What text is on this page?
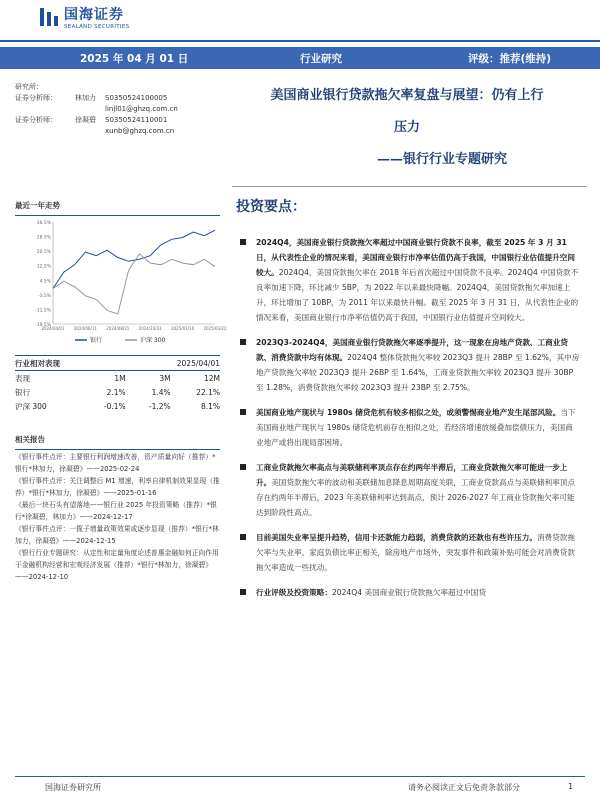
国海证券
SEALAND SECURITIES
2025 年 04 月 01 日	行业研究	评级：推荐(维持)
研究所：
证券分析师：	林加力	S0350524100005
linjl01@ghzq.com.cn
证券分析师：	徐凝碧	S0350524110001
xunb@ghzq.com.cn
最近一年走势
36.5%
28.5%
20.5%
12.5%
4.5%
-3.5%
-11.5%
-19.5%
2024/04/01 2024/06/11 2024/08/21 2024/10/31 2025/01/10 2025/03/22
银行	沪深 300
行业相对表现	2025/04/01
表现	1M	3M	12M
银行	2.1%	1.4%	22.1%
沪深 300	-0.1%	-1.2%	8.1%
相关报告

《银行事件点评：主要银行利润增速改善，资产质量向好（推荐）*银行*林加力，徐凝碧》——2025-02-24

《银行事件点评：关注调整后 M1 增速，利率自律机制效果显现（推荐）*银行*林加力，徐凝碧》——2025-01-16

《最后一块石头有望落地——银行业 2025 年投资策略（推荐）*银行*徐凝碧，林加力》——2024-12-17

《银行事件点评：一揽子增量政策效果或逐步显现（推荐）*银行*林加力，徐凝碧》——2024-12-15

《银行行业专题研究：从定性和定量角度论述普惠金融如何正向作用于金融机构经营和宏观经济发展（推荐）*银行*林加力，徐凝碧》——2024-12-10

美国商业银行贷款拖欠率复盘与展望：仍有上行
压力
——银行行业专题研究
投资要点：
2024Q4，美国商业银行贷款拖欠率超过中国商业银行贷款不良率，截至 2025 年 3 月 31 日，从代表性企业的情况来看，美国商业银行市净率估值仍高于我国，中国银行业估值提升空间较大。2024Q4，美国贷款拖欠率在 2018 年后首次超过中国贷款不良率。2024Q4 中国贷款不良率加速下降，环比减少 5BP，为 2022 年以来最快降幅。2024Q4，美国贷款拖欠率加速上升，环比增加了 10BP，为 2011 年以来最快升幅。截至 2025 年 3 月 31 日，从代表性企业的情况来看，美国商业银行市净率估值仍高于我国，中国银行业估值提升空间较大。
2023Q3-2024Q4，美国商业银行贷款拖欠率逐季提升，这一现象在房地产贷款、工商业贷款、消费贷款中均有体现。2024Q4 整体贷款拖欠率较 2023Q3 提升 28BP 至 1.62%，其中房地产贷款拖欠率较 2023Q3 提升 26BP 至 1.64%，工商业贷款拖欠率较 2023Q3 提升 30BP 至 1.28%，消费贷款拖欠率较 2023Q3 提升 23BP 至 2.75%。
美国商业地产现状与 1980s 储贷危机有较多相似之处，或须警惕商业地产发生尾部风险。当下美国商业地产现状与 1980s 储贷危机前存在相似之处，若经济增速放缓叠加偿债压力，美国商业地产或将出现局部困境。
工商业贷款拖欠率高点与美联储利率顶点存在约两年半滞后，工商业贷款拖欠率可能进一步上升。美国贷款拖欠率的波动和美联储加息降息周期高度关联，工商业贷款高点与美联储利率顶点存在约两年半滞后，2023 年美联储利率达到高点，预计 2026-2027 年工商业贷款拖欠率可能达到阶段性高点。
目前美国失业率呈提升趋势，信用卡还款能力趋弱，消费贷款的还款也有些许压力。消费贷款拖欠率与失业率、家庭负债比率正相关，除房地产市场外，突发事件和政策补贴可能会对消费贷款拖欠率造成一些扰动。
行业评级及投资策略：2024Q4 美国商业银行贷款拖欠率超过中国贷
国海证券研究所	请务必阅读正文后免责条款部分	1
